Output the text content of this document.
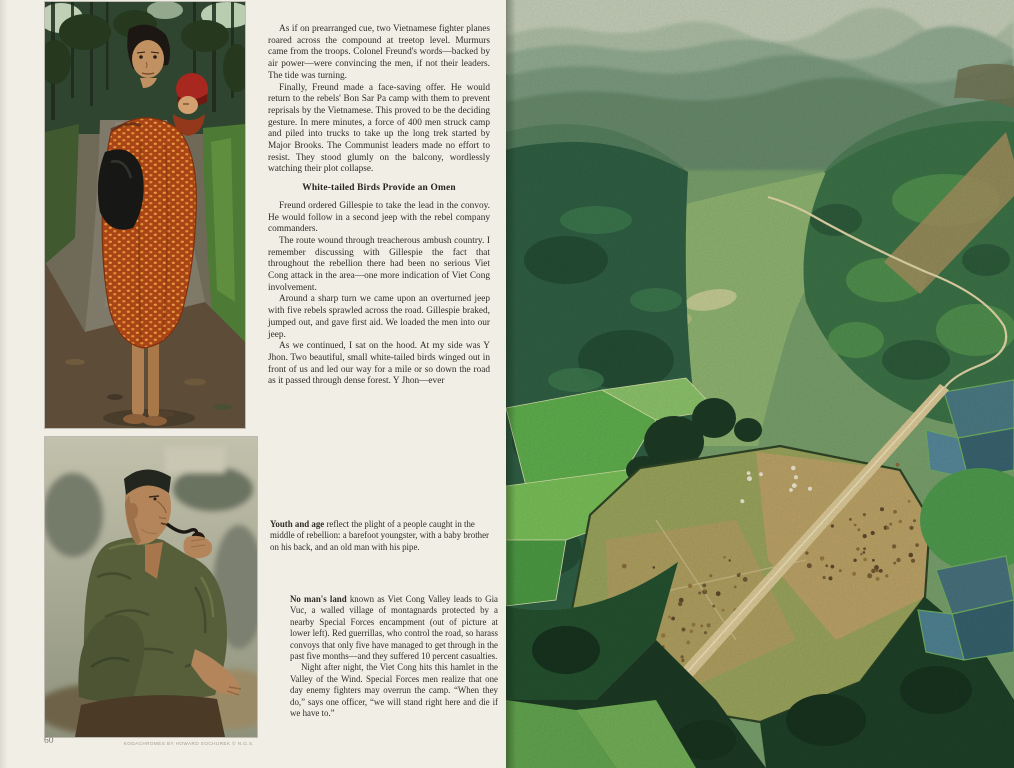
As if on prearranged cue, two Vietnamese fighter planes roared across the compound at treetop level. Murmurs came from the troops. Colonel Freund's words—backed by air power—were convincing the men, if not their leaders. The tide was turning.

Finally, Freund made a face-saving offer. He would return to the rebels' Bon Sar Pa camp with them to prevent reprisals by the Vietnamese. This proved to be the deciding gesture. In mere minutes, a force of 400 men struck camp and piled into trucks to take up the long trek started by Major Brooks. The Communist leaders made no effort to resist. They stood glumly on the balcony, wordlessly watching their plot collapse.

White-tailed Birds Provide an Omen

Freund ordered Gillespie to take the lead in the convoy. He would follow in a second jeep with the rebel company commanders.

The route wound through treacherous ambush country. I remember discussing with Gillespie the fact that throughout the rebellion there had been no serious Viet Cong attack in the area—one more indication of Viet Cong involvement.

Around a sharp turn we came upon an overturned jeep with five rebels sprawled across the road. Gillespie braked, jumped out, and gave first aid. We loaded the men into our jeep.

As we continued, I sat on the hood. At my side was Y Jhon. Two beautiful, small white-tailed birds winged out in front of us and led our way for a mile or so down the road as it passed through dense forest. Y Jhon—ever

Youth and age reflect the plight of a people caught in the middle of rebellion: a barefoot youngster, with a baby brother on his back, and an old man with his pipe.

No man's land known as Viet Cong Valley leads to Gia Vuc, a walled village of montagnards protected by a nearby Special Forces encampment (out of picture at lower left). Red guerrillas, who control the road, so harass convoys that only five have managed to get through in the past five months—and they suffered 10 percent casualties.

Night after night, the Viet Cong hits this hamlet in the Valley of the Wind. Special Forces men realize that one day enemy fighters may overrun the camp. “When they do,” says one officer, “we will stand right here and die if we have to.”

60	KODACHROMES BY HOWARD SOCHUREK © N.G.S.
